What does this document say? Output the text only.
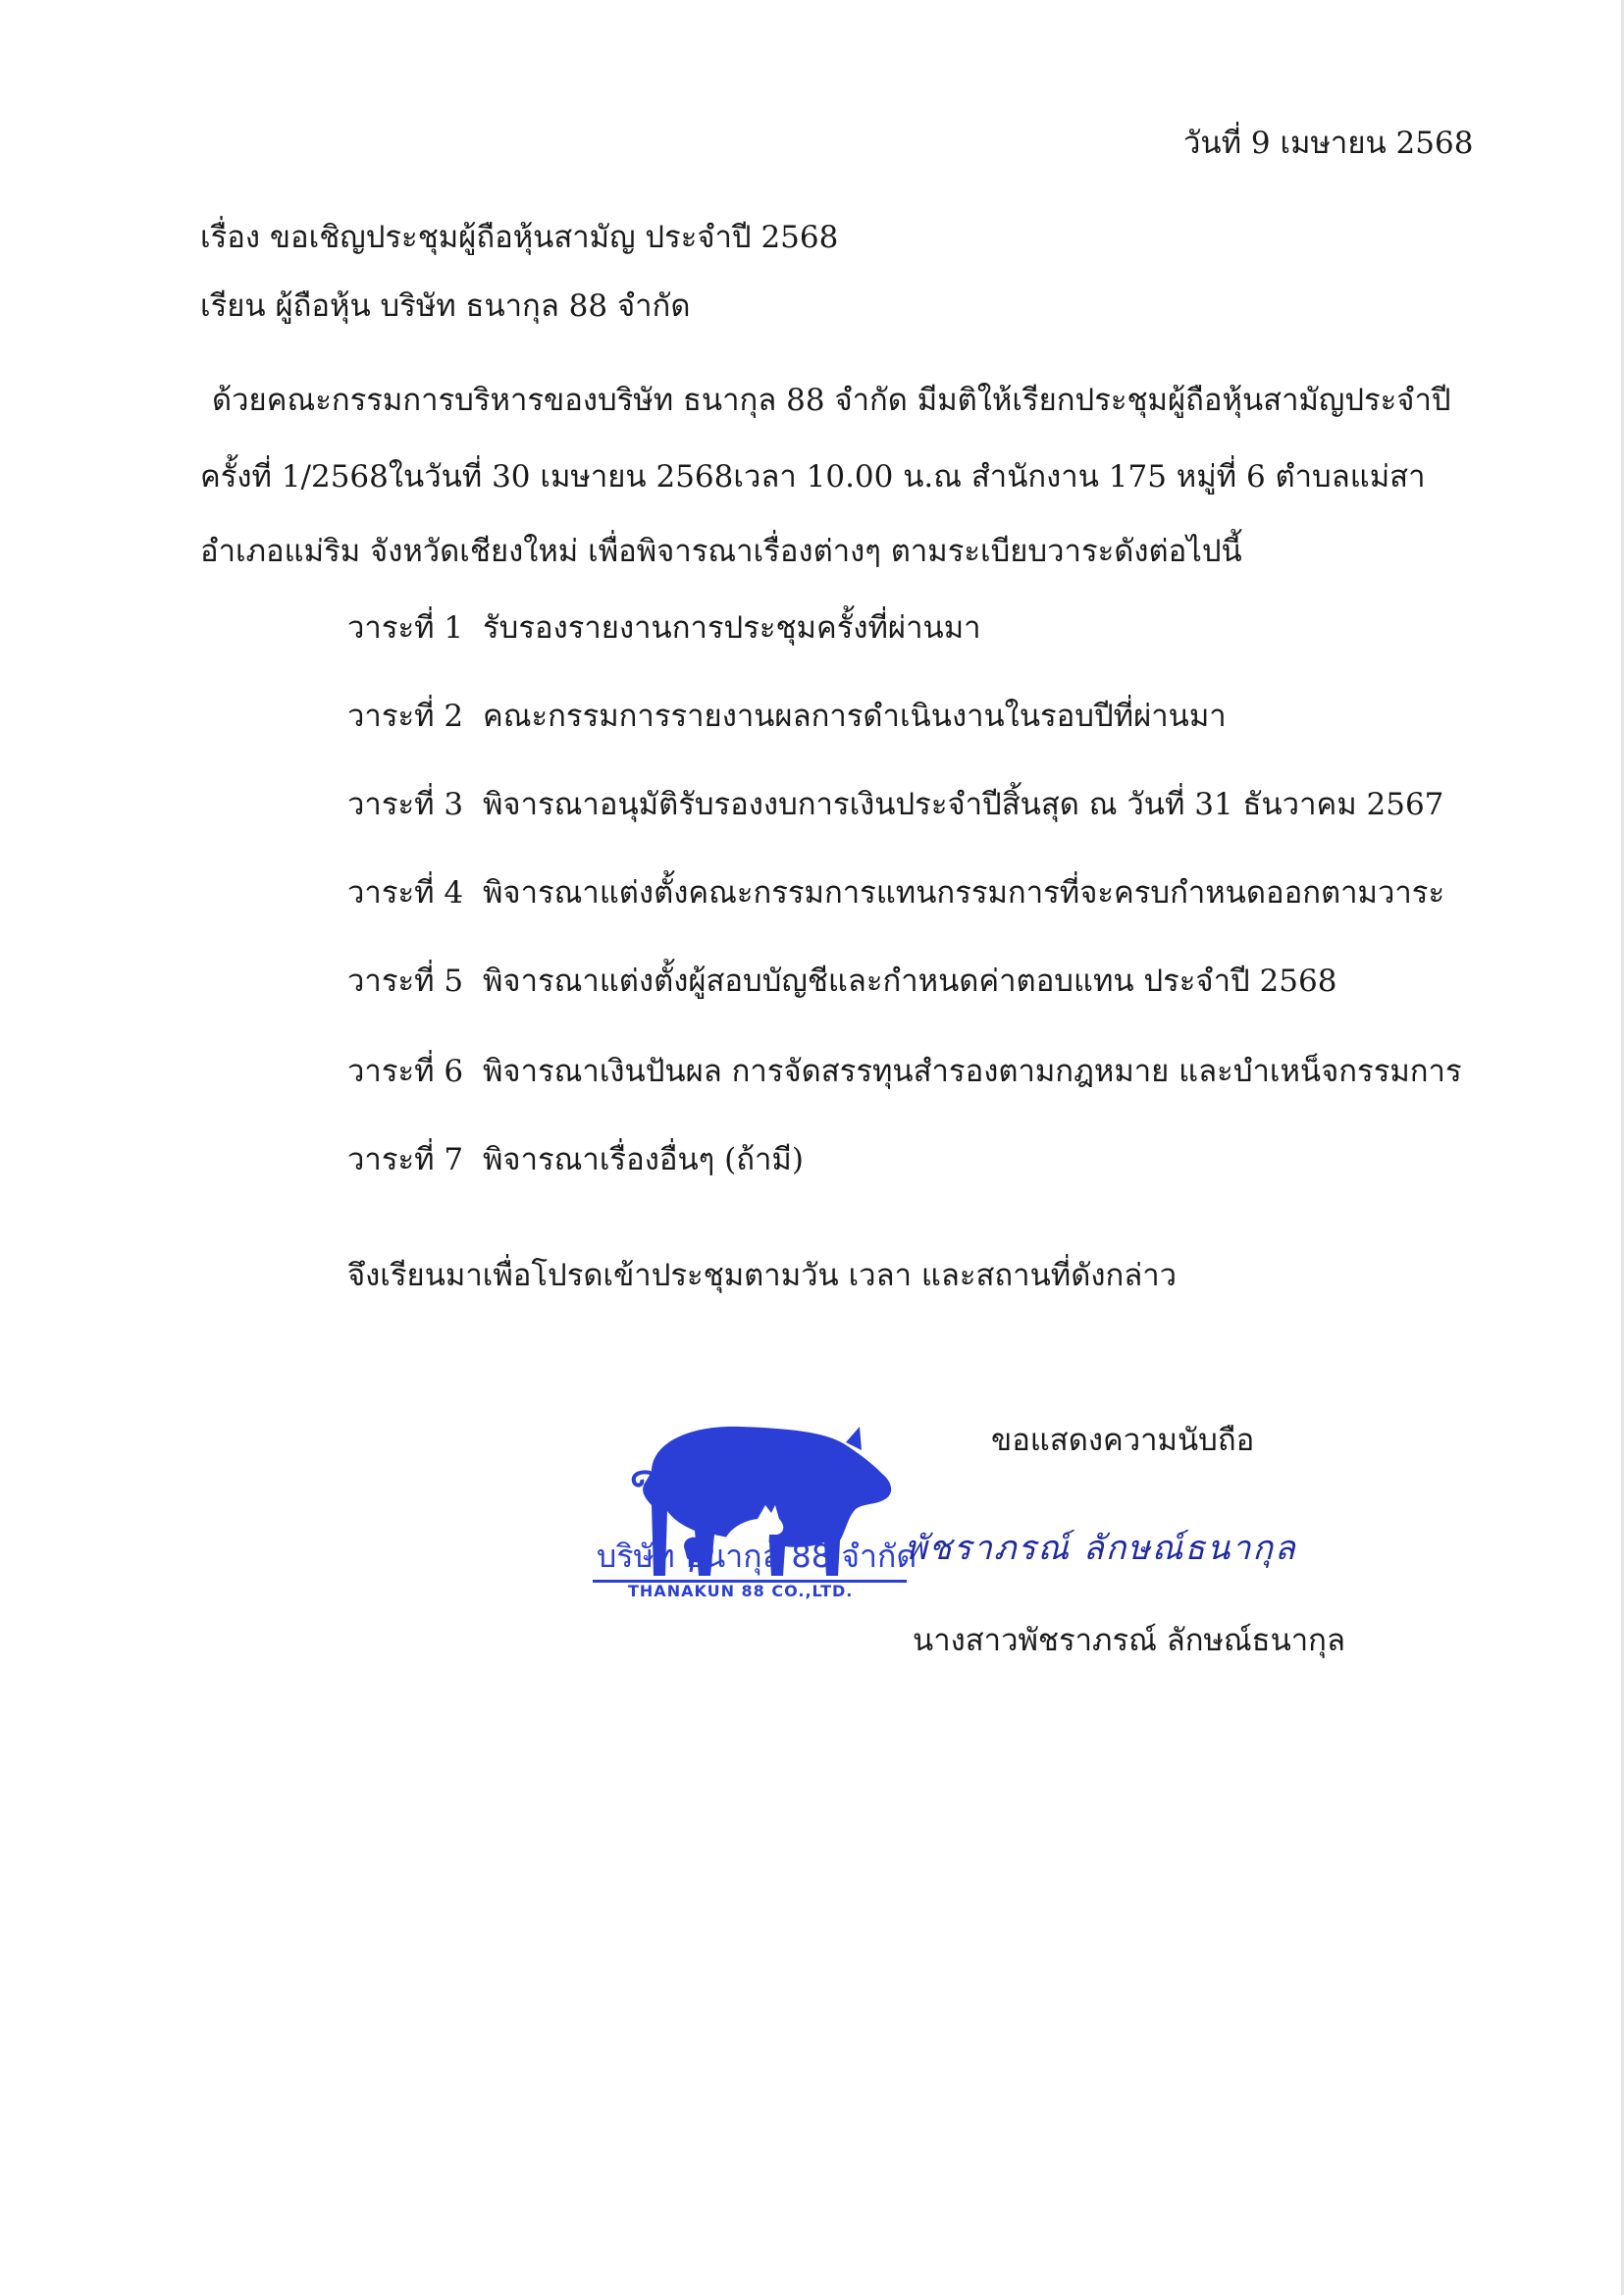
วันที่ 9 เมษายน 2568
เรื่อง ขอเชิญประชุมผู้ถือหุ้นสามัญ ประจำปี 2568
เรียน ผู้ถือหุ้น บริษัท ธนากุล 88 จำกัด
ด้วยคณะกรรมการบริหารของบริษัท ธนากุล 88 จำกัด มีมติให้เรียกประชุมผู้ถือหุ้นสามัญประจำปี
ครั้งที่ 1/2568ในวันที่ 30 เมษายน 2568เวลา 10.00 น.ณ สำนักงาน 175 หมู่ที่ 6 ตำบลแม่สา
อำเภอแม่ริม จังหวัดเชียงใหม่ เพื่อพิจารณาเรื่องต่างๆ ตามระเบียบวาระดังต่อไปนี้
วาระที่ 1 รับรองรายงานการประชุมครั้งที่ผ่านมา
วาระที่ 2 คณะกรรมการรายงานผลการดำเนินงานในรอบปีที่ผ่านมา
วาระที่ 3 พิจารณาอนุมัติรับรองงบการเงินประจำปีสิ้นสุด ณ วันที่ 31 ธันวาคม 2567
วาระที่ 4 พิจารณาแต่งตั้งคณะกรรมการแทนกรรมการที่จะครบกำหนดออกตามวาระ
วาระที่ 5 พิจารณาแต่งตั้งผู้สอบบัญชีและกำหนดค่าตอบแทน ประจำปี 2568
วาระที่ 6 พิจารณาเงินปันผล การจัดสรรทุนสำรองตามกฎหมาย และบำเหน็จกรรมการ
วาระที่ 7 พิจารณาเรื่องอื่นๆ (ถ้ามี)
จึงเรียนมาเพื่อโปรดเข้าประชุมตามวัน เวลา และสถานที่ดังกล่าว
ขอแสดงความนับถือ
บริษัท ธนากุล 88 จำกัด
THANAKUN 88 CO.,LTD.
พัชราภรณ์ ลักษณ์ธนากุล
นางสาวพัชราภรณ์ ลักษณ์ธนากุล
